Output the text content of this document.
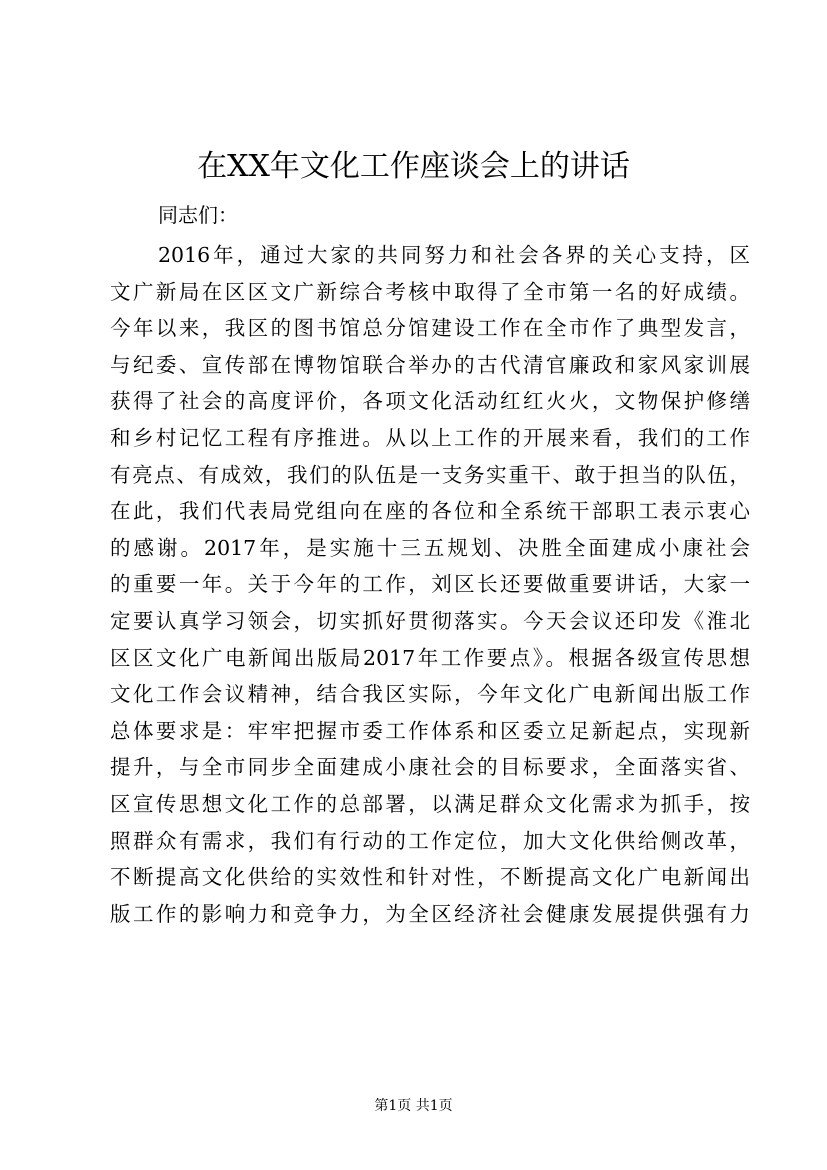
在XX年文化工作座谈会上的讲话

同志们：

2016年，通过大家的共同努力和社会各界的关心支持，区
文广新局在区区文广新综合考核中取得了全市第一名的好成绩。
今年以来，我区的图书馆总分馆建设工作在全市作了典型发言，
与纪委、宣传部在博物馆联合举办的古代清官廉政和家风家训展
获得了社会的高度评价，各项文化活动红红火火，文物保护修缮
和乡村记忆工程有序推进。从以上工作的开展来看，我们的工作
有亮点、有成效，我们的队伍是一支务实重干、敢于担当的队伍，
在此，我们代表局党组向在座的各位和全系统干部职工表示衷心
的感谢。2017年，是实施十三五规划、决胜全面建成小康社会
的重要一年。关于今年的工作，刘区长还要做重要讲话，大家一
定要认真学习领会，切实抓好贯彻落实。今天会议还印发《淮北
区区文化广电新闻出版局2017年工作要点》。根据各级宣传思想
文化工作会议精神，结合我区实际，今年文化广电新闻出版工作
总体要求是：牢牢把握市委工作体系和区委立足新起点，实现新
提升，与全市同步全面建成小康社会的目标要求，全面落实省、
区宣传思想文化工作的总部署，以满足群众文化需求为抓手，按
照群众有需求，我们有行动的工作定位，加大文化供给侧改革，
不断提高文化供给的实效性和针对性，不断提高文化广电新闻出
版工作的影响力和竞争力，为全区经济社会健康发展提供强有力
第1页 共1页
